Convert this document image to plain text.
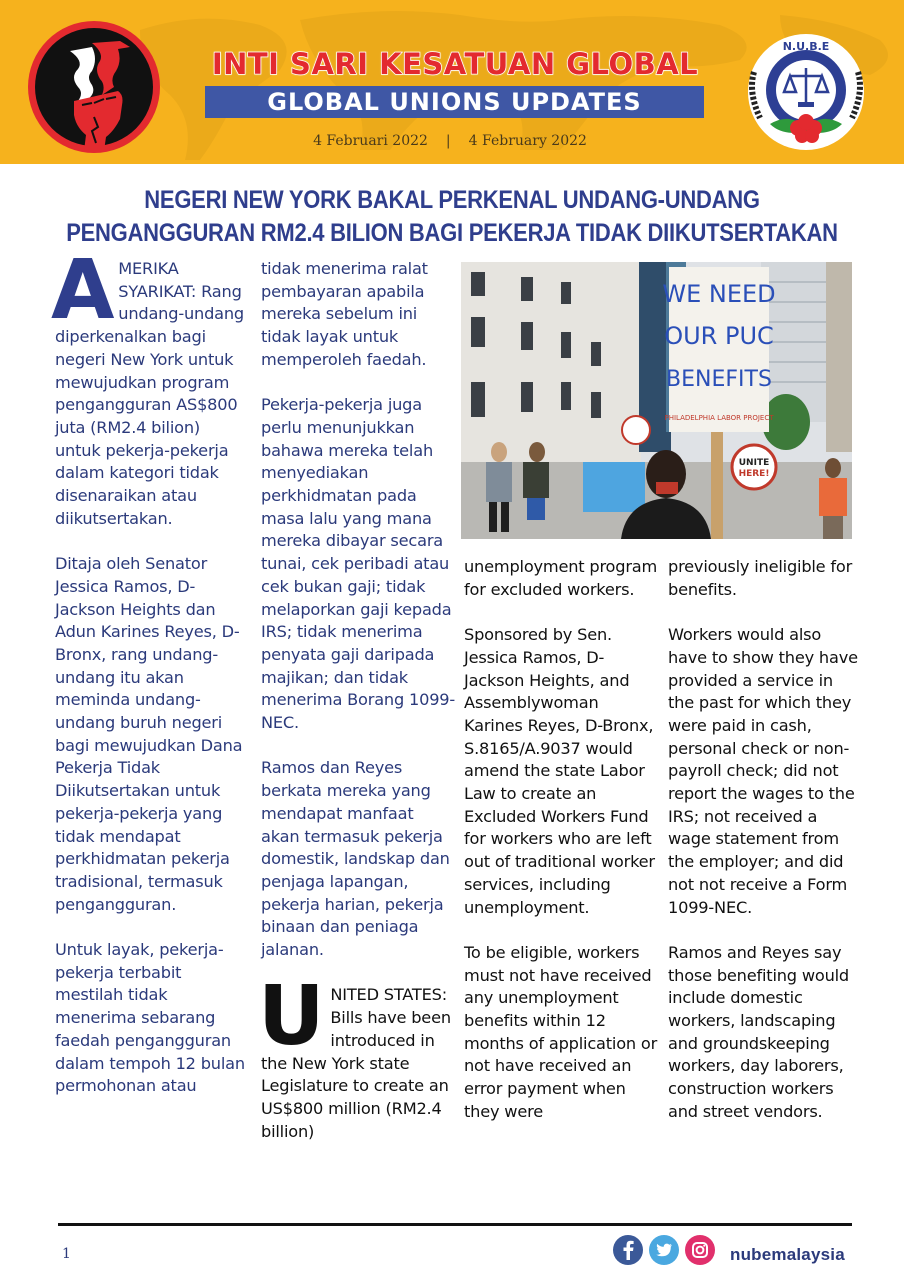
INTI SARI KESATUAN GLOBAL
GLOBAL UNIONS UPDATES
4 Februari 2022 | 4 February 2022
N.U.B.E
NEGERI NEW YORK BAKAL PERKENAL UNDANG-UNDANG
PENGANGGURAN RM2.4 BILION BAGI PEKERJA TIDAK DIIKUTSERTAKAN

A MERIKA SYARIKAT: Rang undang-undang diperkenalkan bagi negeri New York untuk mewujudkan program pengangguran AS$800 juta (RM2.4 bilion) untuk pekerja-pekerja dalam kategori tidak disenaraikan atau diikutsertakan.

Ditaja oleh Senator Jessica Ramos, D-Jackson Heights dan Adun Karines Reyes, D-Bronx, rang undang-undang itu akan meminda undang-undang buruh negeri bagi mewujudkan Dana Pekerja Tidak Diikutsertakan untuk pekerja-pekerja yang tidak mendapat perkhidmatan pekerja tradisional, termasuk pengangguran.

Untuk layak, pekerja-pekerja terbabit mestilah tidak menerima sebarang faedah pengangguran dalam tempoh 12 bulan permohonan atau

tidak menerima ralat pembayaran apabila mereka sebelum ini tidak layak untuk memperoleh faedah.

Pekerja-pekerja juga perlu menunjukkan bahawa mereka telah menyediakan perkhidmatan pada masa lalu yang mana mereka dibayar secara tunai, cek peribadi atau cek bukan gaji; tidak melaporkan gaji kepada IRS; tidak menerima penyata gaji daripada majikan; dan tidak menerima Borang 1099-NEC.

Ramos dan Reyes berkata mereka yang mendapat manfaat akan termasuk pekerja domestik, landskap dan penjaga lapangan, pekerja harian, pekerja binaan dan peniaga jalanan.

U NITED STATES: Bills have been introduced in the New York state Legislature to create an US$800 million (RM2.4 billion)

WE NEED
OUR PUC
BENEFITS
PHILADELPHIA LABOR PROJECT
UNITE
HERE!

unemployment program for excluded workers.

Sponsored by Sen. Jessica Ramos, D-Jackson Heights, and Assemblywoman Karines Reyes, D-Bronx, S.8165/A.9037 would amend the state Labor Law to create an Excluded Workers Fund for workers who are left out of traditional worker services, including unemployment.

To be eligible, workers must not have received any unemployment benefits within 12 months of application or not have received an error payment when they were

previously ineligible for benefits.

Workers would also have to show they have provided a service in the past for which they were paid in cash, personal check or non-payroll check; did not report the wages to the IRS; not received a wage statement from the employer; and did not not receive a Form 1099-NEC.

Ramos and Reyes say those benefiting would include domestic workers, landscaping and groundskeeping workers, day laborers, construction workers and street vendors.

1	nubemalaysia
